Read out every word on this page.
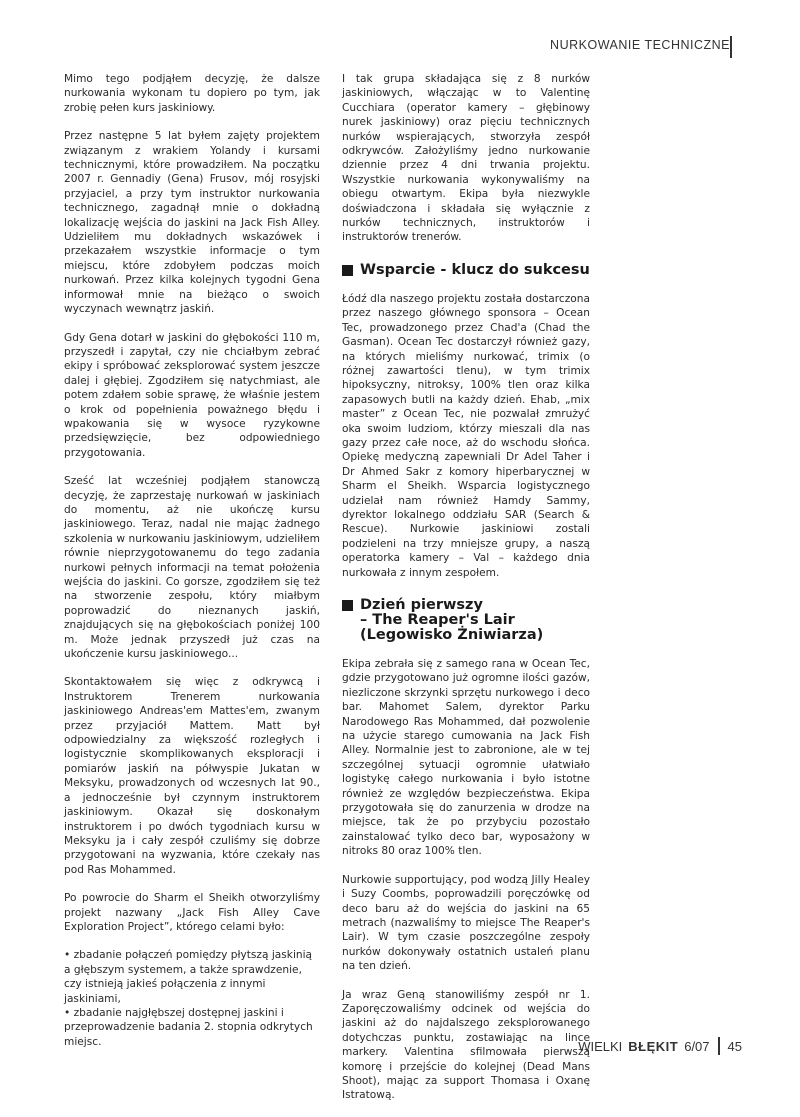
NURKOWANIE TECHNICZNE

Mimo tego podjąłem decyzję, że dalsze nurkowania wykonam tu dopiero po tym, jak zrobię pełen kurs jaskiniowy.

Przez następne 5 lat byłem zajęty projektem związanym z wrakiem Yolandy i kursami technicznymi, które prowadziłem. Na początku 2007 r. Gennadiy (Gena) Frusov, mój rosyjski przyjaciel, a przy tym instruktor nurkowania technicznego, zagadnął mnie o dokładną lokalizację wejścia do jaskini na Jack Fish Alley. Udzieliłem mu dokładnych wskazówek i przekazałem wszystkie informacje o tym miejscu, które zdobyłem podczas moich nurkowań. Przez kilka kolejnych tygodni Gena informował mnie na bieżąco o swoich wyczynach wewnątrz jaskiń.

Gdy Gena dotarł w jaskini do głębokości 110 m, przyszedł i zapytał, czy nie chciałbym zebrać ekipy i spróbować zeksplorować system jeszcze dalej i głębiej. Zgodziłem się natychmiast, ale potem zdałem sobie sprawę, że właśnie jestem o krok od popełnienia poważnego błędu i wpakowania się w wysoce ryzykowne przedsięwzięcie, bez odpowiedniego przygotowania.

Sześć lat wcześniej podjąłem stanowczą decyzję, że zaprzestaję nurkowań w jaskiniach do momentu, aż nie ukończę kursu jaskiniowego. Teraz, nadal nie mając żadnego szkolenia w nurkowaniu jaskiniowym, udzieliłem równie nieprzygotowanemu do tego zadania nurkowi pełnych informacji na temat położenia wejścia do jaskini. Co gorsze, zgodziłem się też na stworzenie zespołu, który miałbym poprowadzić do nieznanych jaskiń, znajdujących się na głębokościach poniżej 100 m. Może jednak przyszedł już czas na ukończenie kursu jaskiniowego...

Skontaktowałem się więc z odkrywcą i Instruktorem Trenerem nurkowania jaskiniowego Andreas'em Mattes'em, zwanym przez przyjaciół Mattem. Matt był odpowiedzialny za większość rozległych i logistycznie skomplikowanych eksploracji i pomiarów jaskiń na półwyspie Jukatan w Meksyku, prowadzonych od wczesnych lat 90., a jednocześnie był czynnym instruktorem jaskiniowym. Okazał się doskonałym instruktorem i po dwóch tygodniach kursu w Meksyku ja i cały zespół czuliśmy się dobrze przygotowani na wyzwania, które czekały nas pod Ras Mohammed.

Po powrocie do Sharm el Sheikh otworzyliśmy projekt nazwany „Jack Fish Alley Cave Exploration Project”, którego celami było:

• zbadanie połączeń pomiędzy płytszą jaskinią a głębszym systemem, a także sprawdzenie, czy istnieją jakieś połączenia z innymi jaskiniami,

• zbadanie najgłębszej dostępnej jaskini i przeprowadzenie badania 2. stopnia odkrytych miejsc.

I tak grupa składająca się z 8 nurków jaskiniowych, włączając w to Valentinę Cucchiara (operator kamery – głębinowy nurek jaskiniowy) oraz pięciu technicznych nurków wspierających, stworzyła zespół odkrywców. Założyliśmy jedno nurkowanie dziennie przez 4 dni trwania projektu. Wszystkie nurkowania wykonywaliśmy na obiegu otwartym. Ekipa była niezwykle doświadczona i składała się wyłącznie z nurków technicznych, instruktorów i instruktorów trenerów.

Wsparcie - klucz do sukcesu

Łódź dla naszego projektu została dostarczona przez naszego głównego sponsora – Ocean Tec, prowadzonego przez Chad'a (Chad the Gasman). Ocean Tec dostarczył również gazy, na których mieliśmy nurkować, trimix (o różnej zawartości tlenu), w tym trimix hipoksyczny, nitroksy, 100% tlen oraz kilka zapasowych butli na każdy dzień. Ehab, „mix master” z Ocean Tec, nie pozwalał zmrużyć oka swoim ludziom, którzy mieszali dla nas gazy przez całe noce, aż do wschodu słońca. Opiekę medyczną zapewniali Dr Adel Taher i Dr Ahmed Sakr z komory hiperbarycznej w Sharm el Sheikh. Wsparcia logistycznego udzielał nam również Hamdy Sammy, dyrektor lokalnego oddziału SAR (Search & Rescue). Nurkowie jaskiniowi zostali podzieleni na trzy mniejsze grupy, a naszą operatorka kamery – Val – każdego dnia nurkowała z innym zespołem.

Dzień pierwszy
– The Reaper's Lair
(Legowisko Żniwiarza)

Ekipa zebrała się z samego rana w Ocean Tec, gdzie przygotowano już ogromne ilości gazów, niezliczone skrzynki sprzętu nurkowego i deco bar. Mahomet Salem, dyrektor Parku Narodowego Ras Mohammed, dał pozwolenie na użycie starego cumowania na Jack Fish Alley. Normalnie jest to zabronione, ale w tej szczególnej sytuacji ogromnie ułatwiało logistykę całego nurkowania i było istotne również ze względów bezpieczeństwa. Ekipa przygotowała się do zanurzenia w drodze na miejsce, tak że po przybyciu pozostało zainstalować tylko deco bar, wyposażony w nitroks 80 oraz 100% tlen.

Nurkowie supportujący, pod wodzą Jilly Healey i Suzy Coombs, poprowadzili poręczówkę od deco baru aż do wejścia do jaskini na 65 metrach (nazwaliśmy to miejsce The Reaper's Lair). W tym czasie poszczególne zespoły nurków dokonywały ostatnich ustaleń planu na ten dzień.

Ja wraz Geną stanowiliśmy zespół nr 1. Zaporęczowaliśmy odcinek od wejścia do jaskini aż do najdalszego zeksplorowanego dotychczas punktu, zostawiając na lince markery. Valentina sfilmowała pierwszą komorę i przejście do kolejnej (Dead Mans Shoot), mając za support Thomasa i Oxanę Istratową.

WIELKI BŁĘKIT 6/07 45
